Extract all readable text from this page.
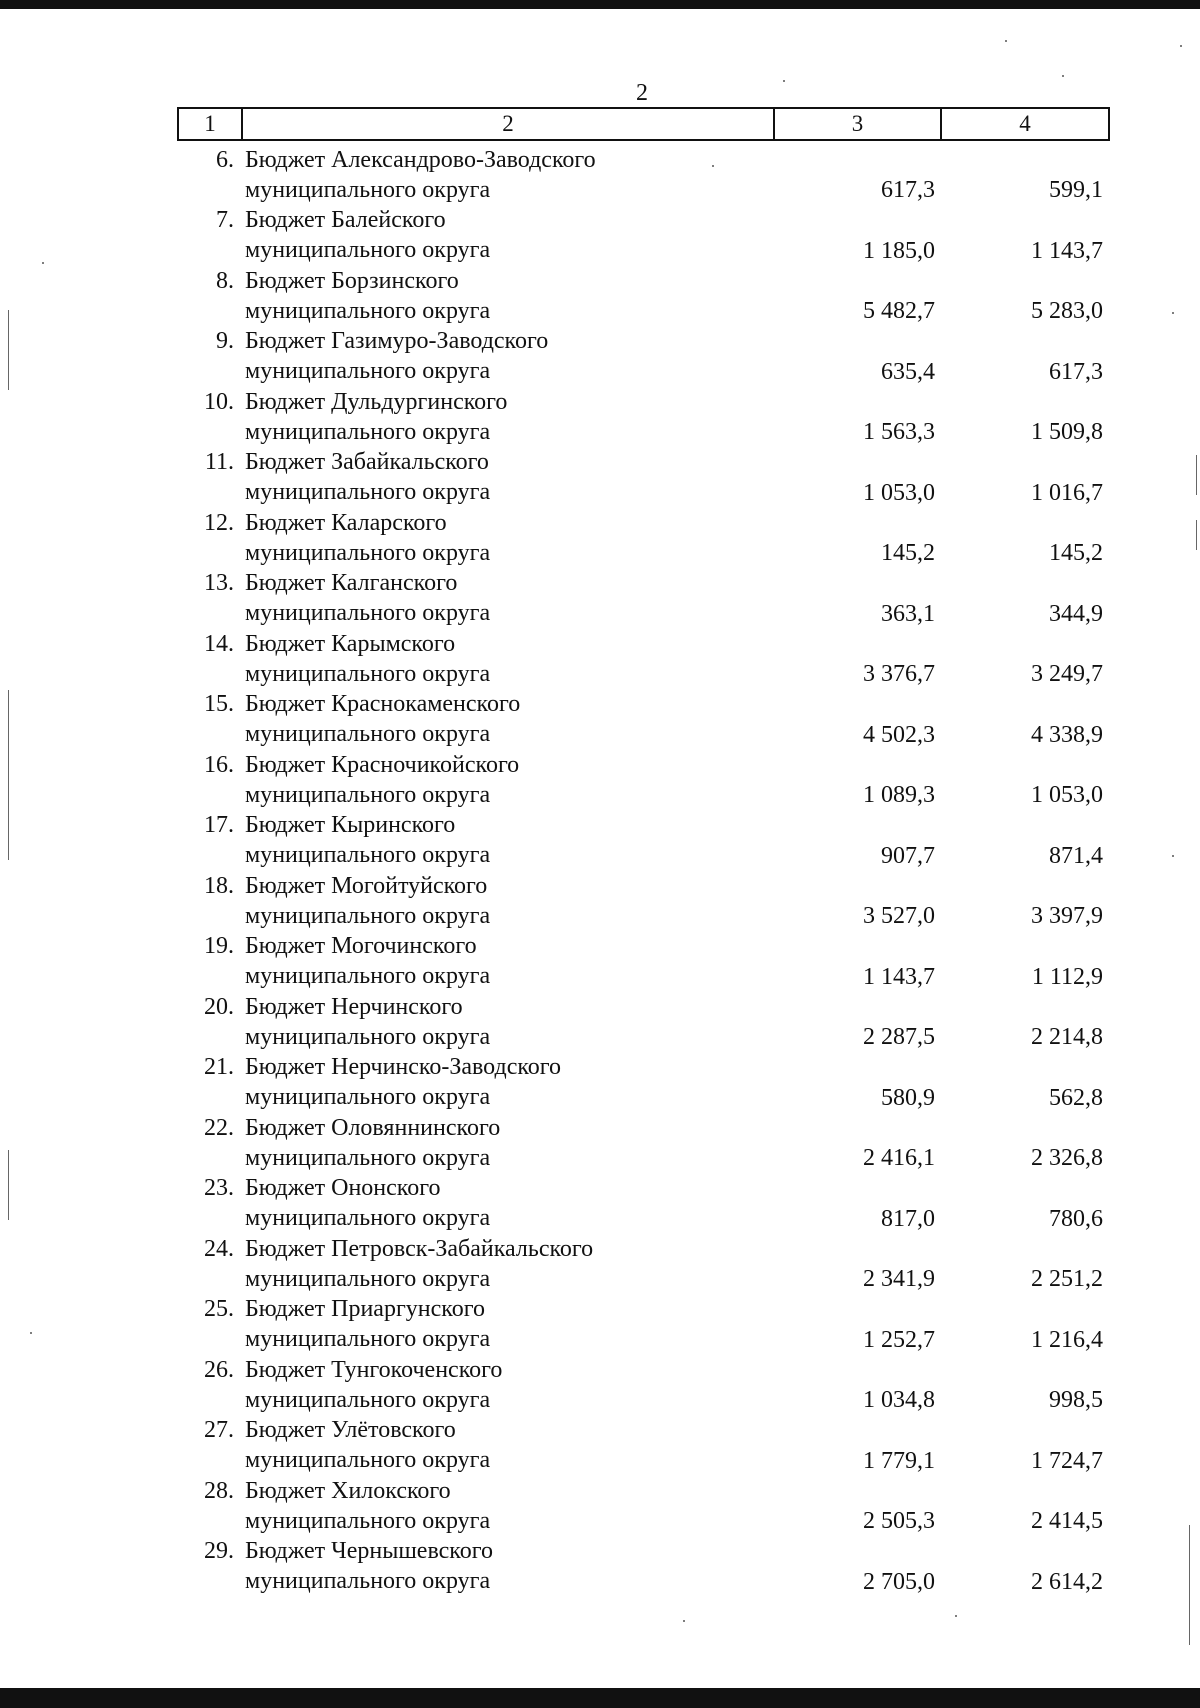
2
1	2	3	4
6.	Бюджет Александрово-Заводского
муниципального округа	617,3	599,1
7.	Бюджет Балейского
муниципального округа	1 185,0	1 143,7
8.	Бюджет Борзинского
муниципального округа	5 482,7	5 283,0
9.	Бюджет Газимуро-Заводского
муниципального округа	635,4	617,3
10.	Бюджет Дульдургинского
муниципального округа	1 563,3	1 509,8
11.	Бюджет Забайкальского
муниципального округа	1 053,0	1 016,7
12.	Бюджет Каларского
муниципального округа	145,2	145,2
13.	Бюджет Калганского
муниципального округа	363,1	344,9
14.	Бюджет Карымского
муниципального округа	3 376,7	3 249,7
15.	Бюджет Краснокаменского
муниципального округа	4 502,3	4 338,9
16.	Бюджет Красночикойского
муниципального округа	1 089,3	1 053,0
17.	Бюджет Кыринского
муниципального округа	907,7	871,4
18.	Бюджет Могойтуйского
муниципального округа	3 527,0	3 397,9
19.	Бюджет Могочинского
муниципального округа	1 143,7	1 112,9
20.	Бюджет Нерчинского
муниципального округа	2 287,5	2 214,8
21.	Бюджет Нерчинско-Заводского
муниципального округа	580,9	562,8
22.	Бюджет Оловяннинского
муниципального округа	2 416,1	2 326,8
23.	Бюджет Ононского
муниципального округа	817,0	780,6
24.	Бюджет Петровск-Забайкальского
муниципального округа	2 341,9	2 251,2
25.	Бюджет Приаргунского
муниципального округа	1 252,7	1 216,4
26.	Бюджет Тунгокоченского
муниципального округа	1 034,8	998,5
27.	Бюджет Улётовского
муниципального округа	1 779,1	1 724,7
28.	Бюджет Хилокского
муниципального округа	2 505,3	2 414,5
29.	Бюджет Чернышевского
муниципального округа	2 705,0	2 614,2
